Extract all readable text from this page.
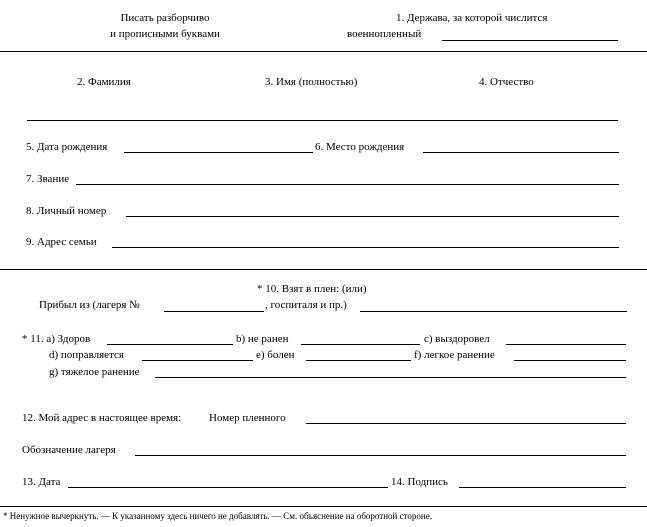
Писать разборчиво
и прописными буквами
1. Держава, за которой числится
военнопленный
2. Фамилия	3. Имя (полностью)	4. Отчество
5. Дата рождения	6. Место рождения
7. Звание
8. Личный номер
9. Адрес семьи
* 10. Взят в плен: (или)
Прибыл из (лагеря №	, госпиталя и пр.)
* 11. a) Здоров	b) не ранен	c) выздоровел
d) поправляется	e) болен	f) легкое ранение
g) тяжелое ранение
12. Мой адрес в настоящее время:	Номер пленного
Обозначение лагеря
13. Дата	14. Подпись
* Ненужное вычеркнуть. — К указанному здесь ничего не добавлять. — См. объяснение на оборотной стороне.
